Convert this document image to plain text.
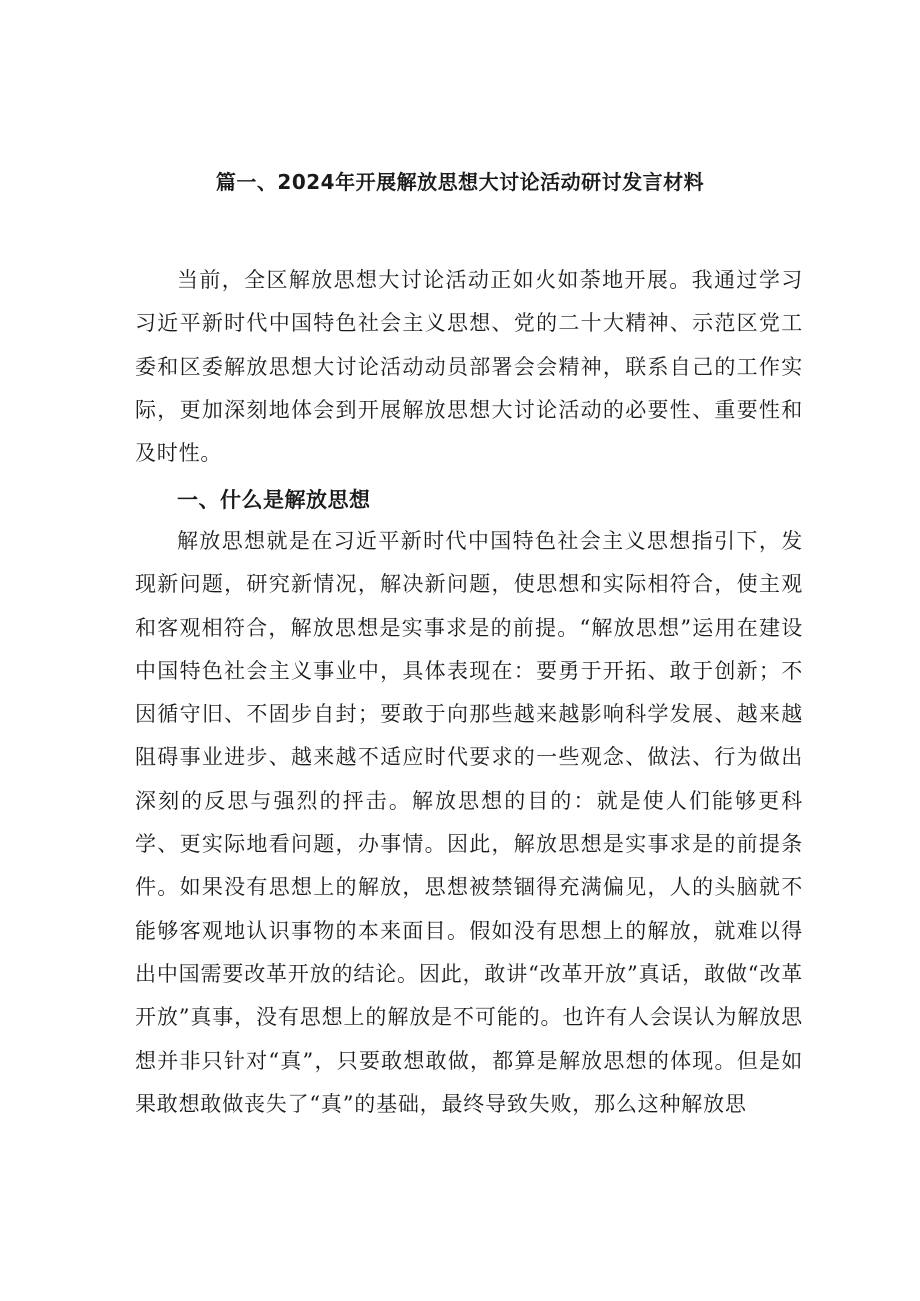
篇一、2024年开展解放思想大讨论活动研讨发言材料

当前，全区解放思想大讨论活动正如火如荼地开展。我通过学习习近平新时代中国特色社会主义思想、党的二十大精神、示范区党工委和区委解放思想大讨论活动动员部署会会精神，联系自己的工作实际，更加深刻地体会到开展解放思想大讨论活动的必要性、重要性和及时性。

一、什么是解放思想

解放思想就是在习近平新时代中国特色社会主义思想指引下，发现新问题，研究新情况，解决新问题，使思想和实际相符合，使主观和客观相符合，解放思想是实事求是的前提。“解放思想”运用在建设中国特色社会主义事业中，具体表现在：要勇于开拓、敢于创新；不因循守旧、不固步自封；要敢于向那些越来越影响科学发展、越来越阻碍事业进步、越来越不适应时代要求的一些观念、做法、行为做出深刻的反思与强烈的抨击。解放思想的目的：就是使人们能够更科学、更实际地看问题，办事情。因此，解放思想是实事求是的前提条件。如果没有思想上的解放，思想被禁锢得充满偏见，人的头脑就不能够客观地认识事物的本来面目。假如没有思想上的解放，就难以得出中国需要改革开放的结论。因此，敢讲“改革开放”真话，敢做“改革开放”真事，没有思想上的解放是不可能的。也许有人会误认为解放思想并非只针对“真”，只要敢想敢做，都算是解放思想的体现。但是如果敢想敢做丧失了“真”的基础，最终导致失败，那么这种解放思
